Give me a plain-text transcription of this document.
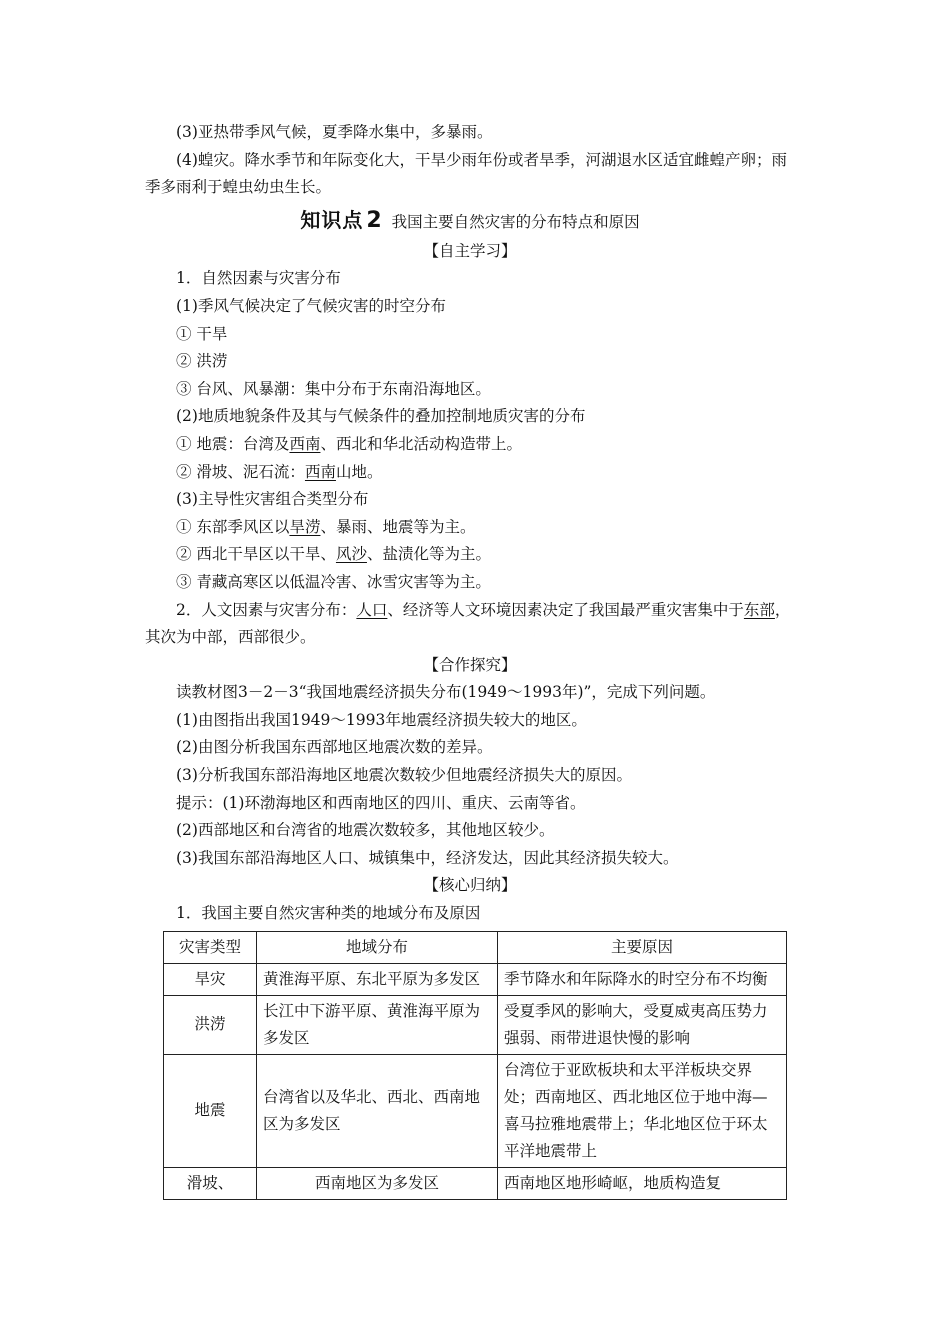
(3)亚热带季风气候，夏季降水集中，多暴雨。

(4)蝗灾。降水季节和年际变化大，干旱少雨年份或者旱季，河湖退水区适宜雌蝗产卵；雨季多雨利于蝗虫幼虫生长。

知识点 2 我国主要自然灾害的分布特点和原因

【自主学习】

1．自然因素与灾害分布

(1)季风气候决定了气候灾害的时空分布

① 干旱

② 洪涝

③ 台风、风暴潮：集中分布于东南沿海地区。

(2)地质地貌条件及其与气候条件的叠加控制地质灾害的分布

① 地震：台湾及西南、西北和华北活动构造带上。

② 滑坡、泥石流：西南山地。

(3)主导性灾害组合类型分布

① 东部季风区以旱涝、暴雨、地震等为主。

② 西北干旱区以干旱、风沙、盐渍化等为主。

③ 青藏高寒区以低温冷害、冰雪灾害等为主。

2．人文因素与灾害分布：人口、经济等人文环境因素决定了我国最严重灾害集中于东部，其次为中部，西部很少。

【合作探究】

读教材图3－2－3“我国地震经济损失分布(1949～1993年)”，完成下列问题。

(1)由图指出我国1949～1993年地震经济损失较大的地区。

(2)由图分析我国东西部地区地震次数的差异。

(3)分析我国东部沿海地区地震次数较少但地震经济损失大的原因。

提示：(1)环渤海地区和西南地区的四川、重庆、云南等省。

(2)西部地区和台湾省的地震次数较多，其他地区较少。

(3)我国东部沿海地区人口、城镇集中，经济发达，因此其经济损失较大。

【核心归纳】

1．我国主要自然灾害种类的地域分布及原因

灾害类型	地域分布	主要原因
旱灾	黄淮海平原、东北平原为多发区	季节降水和年际降水的时空分布不均衡
洪涝	长江中下游平原、黄淮海平原为多发区	受夏季风的影响大，受夏威夷高压势力强弱、雨带进退快慢的影响
地震	台湾省以及华北、西北、西南地区为多发区	台湾位于亚欧板块和太平洋板块交界处；西南地区、西北地区位于地中海—喜马拉雅地震带上；华北地区位于环太平洋地震带上
滑坡、	西南地区为多发区	西南地区地形崎岖，地质构造复
